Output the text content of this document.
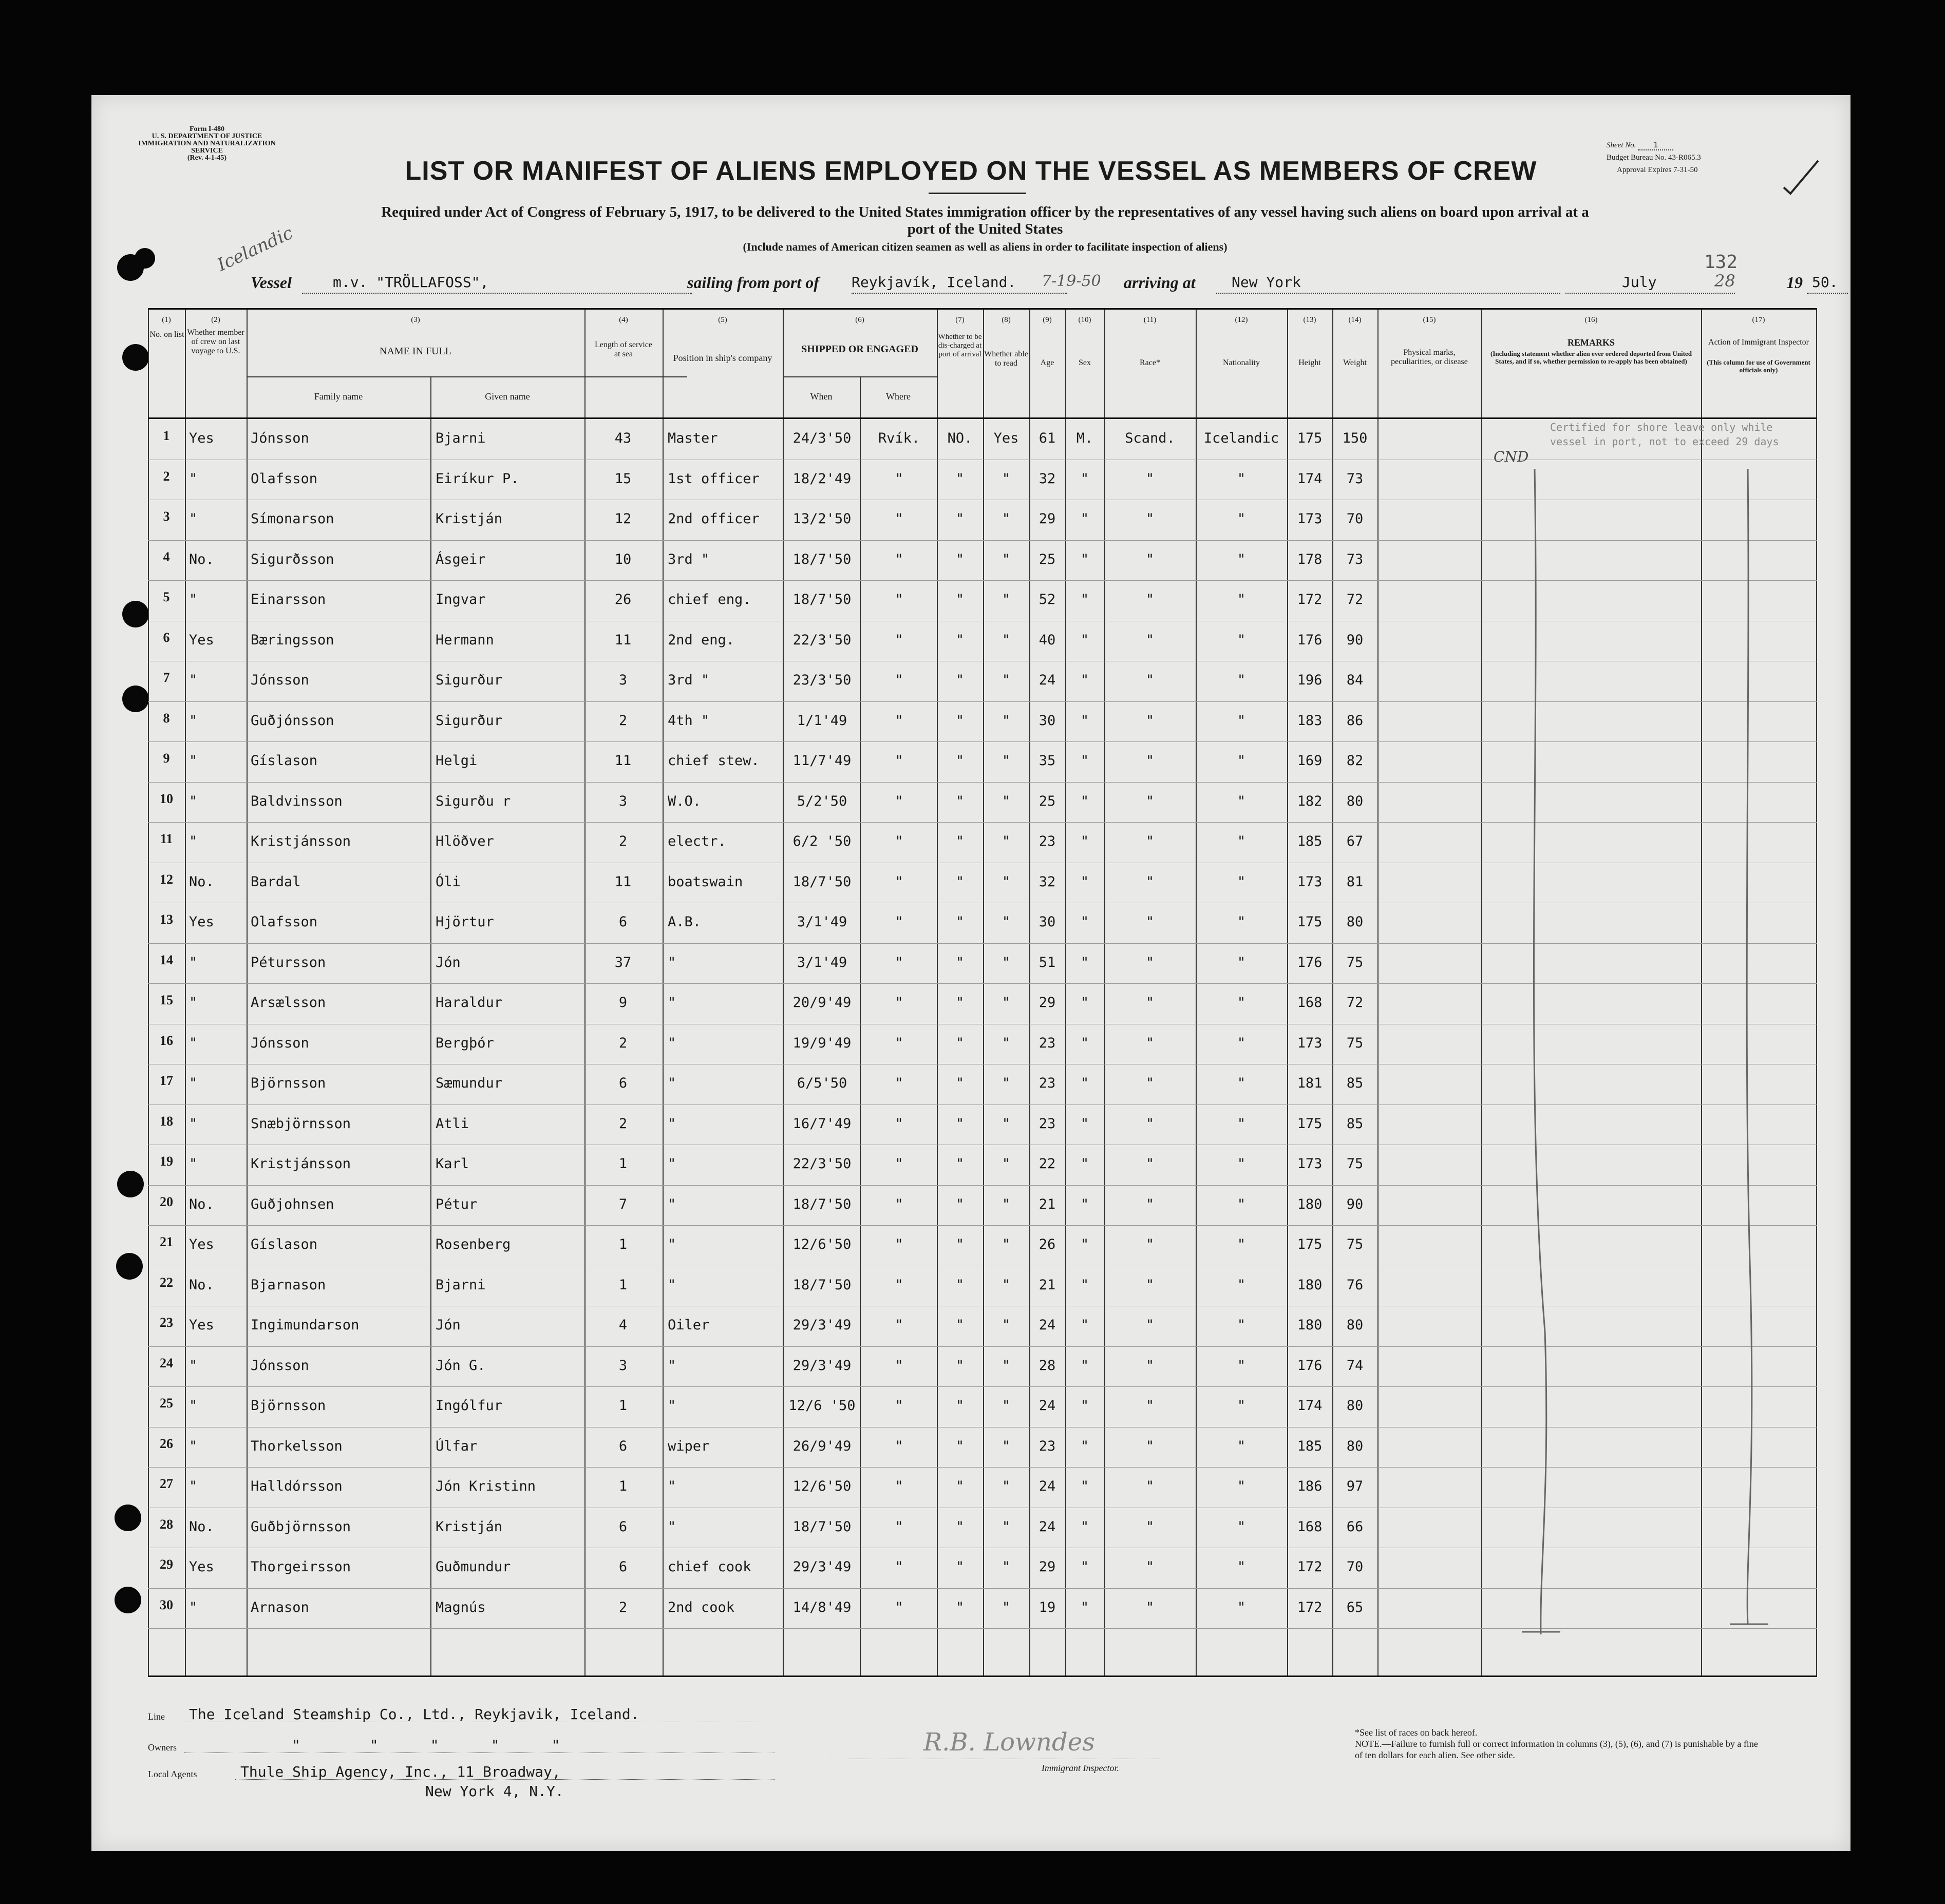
Form I-480
U. S. DEPARTMENT OF JUSTICE
IMMIGRATION AND NATURALIZATION SERVICE
(Rev. 4-1-45)
Sheet No. 1
Budget Bureau No. 43-R065.3
Approval Expires 7-31-50
LIST OR MANIFEST OF ALIENS EMPLOYED ON THE VESSEL AS MEMBERS OF CREW
Required under Act of Congress of February 5, 1917, to be delivered to the United States immigration officer by the representatives of any vessel having such aliens on board upon arrival at a
port of the United States
(Include names of American citizen seamen as well as aliens in order to facilitate inspection of aliens)
Icelandic	132
Vessel	m.v. "TRÖLLAFOSS",	sailing from port of Reykjavík, Iceland.	7-19-50 arriving at	New York	July	28	19 50.
(1)
No. on list
(2)
Whether member of crew on last voyage to U.S.
(3)
NAME IN FULL
Family name	Given name
(4)
Length of service at sea
(5)
Position in ship's company
(6)
SHIPPED OR ENGAGED
When	Where
(7)
Whether to be dis-charged at port of arrival
(8)
Whether able to read
(9)
Age
(10)
Sex
(11)
Race*
(12)
Nationality
(13)
Height
(14)
Weight
(15)
Physical marks, peculiarities, or disease
(16)
REMARKS
(Including statement whether alien ever ordered deported from United States, and if so, whether permission to re-apply has been obtained)
(17)
Action of Immigrant Inspector
(This column for use of Government officials only)
1	Yes	Jónsson	Bjarni	43	Master	24/3'50	Rvík.	NO.	Yes	61	M.	Scand.	Icelandic	175	150
2	"	Olafsson	Eiríkur P.	15	1st officer	18/2'49	"	"	"	32	"	"	"	174	73
3	"	Símonarson	Kristján	12	2nd officer	13/2'50	"	"	"	29	"	"	"	173	70
4	No.	Sigurðsson	Ásgeir	10	3rd "	18/7'50	"	"	"	25	"	"	"	178	73
5	"	Einarsson	Ingvar	26	chief eng.	18/7'50	"	"	"	52	"	"	"	172	72
6	Yes	Bæringsson	Hermann	11	2nd eng.	22/3'50	"	"	"	40	"	"	"	176	90
7	"	Jónsson	Sigurður	3	3rd "	23/3'50	"	"	"	24	"	"	"	196	84
8	"	Guðjónsson	Sigurður	2	4th "	1/1'49	"	"	"	30	"	"	"	183	86
9	"	Gíslason	Helgi	11	chief stew.	11/7'49	"	"	"	35	"	"	"	169	82
10	"	Baldvinsson	Sigurðu r	3	W.O.	5/2'50	"	"	"	25	"	"	"	182	80
11	"	Kristjánsson	Hlöðver	2	electr.	6/2 '50	"	"	"	23	"	"	"	185	67
12	No.	Bardal	Óli	11	boatswain	18/7'50	"	"	"	32	"	"	"	173	81
13	Yes	Olafsson	Hjörtur	6	A.B.	3/1'49	"	"	"	30	"	"	"	175	80
14	"	Pétursson	Jón	37	"	3/1'49	"	"	"	51	"	"	"	176	75
15	"	Arsælsson	Haraldur	9	"	20/9'49	"	"	"	29	"	"	"	168	72
16	"	Jónsson	Bergþór	2	"	19/9'49	"	"	"	23	"	"	"	173	75
17	"	Björnsson	Sæmundur	6	"	6/5'50	"	"	"	23	"	"	"	181	85
18	"	Snæbjörnsson	Atli	2	"	16/7'49	"	"	"	23	"	"	"	175	85
19	"	Kristjánsson	Karl	1	"	22/3'50	"	"	"	22	"	"	"	173	75
20	No.	Guðjohnsen	Pétur	7	"	18/7'50	"	"	"	21	"	"	"	180	90
21	Yes	Gíslason	Rosenberg	1	"	12/6'50	"	"	"	26	"	"	"	175	75
22	No.	Bjarnason	Bjarni	1	"	18/7'50	"	"	"	21	"	"	"	180	76
23	Yes	Ingimundarson	Jón	4	Oiler	29/3'49	"	"	"	24	"	"	"	180	80
24	"	Jónsson	Jón G.	3	"	29/3'49	"	"	"	28	"	"	"	176	74
25	"	Björnsson	Ingólfur	1	"	12/6 '50	"	"	"	24	"	"	"	174	80
26	"	Thorkelsson	Úlfar	6	wiper	26/9'49	"	"	"	23	"	"	"	185	80
27	"	Halldórsson	Jón Kristinn	1	"	12/6'50	"	"	"	24	"	"	"	186	97
28	No.	Guðbjörnsson	Kristján	6	"	18/7'50	"	"	"	24	"	"	"	168	66
29	Yes	Thorgeirsson	Guðmundur	6	chief cook	29/3'49	"	"	"	29	"	"	"	172	70
30	"	Arnason	Magnús	2	2nd cook	14/8'49	"	"	"	19	"	"	"	172	65
Certified for shore leave only while vessel in port, not to exceed 29 days
CND
Line The Iceland Steamship Co., Ltd., Reykjavik, Iceland.
Owners	"        "      "      "      "
Local Agents	Thule Ship Agency, Inc., 11 Broadway,
New York 4, N.Y.
R.B. Lowndes
Immigrant Inspector.
*See list of races on back hereof.
NOTE.—Failure to furnish full or correct information in columns (3), (5), (6), and (7) is punishable by a fine of ten dollars for each alien. See other side.
